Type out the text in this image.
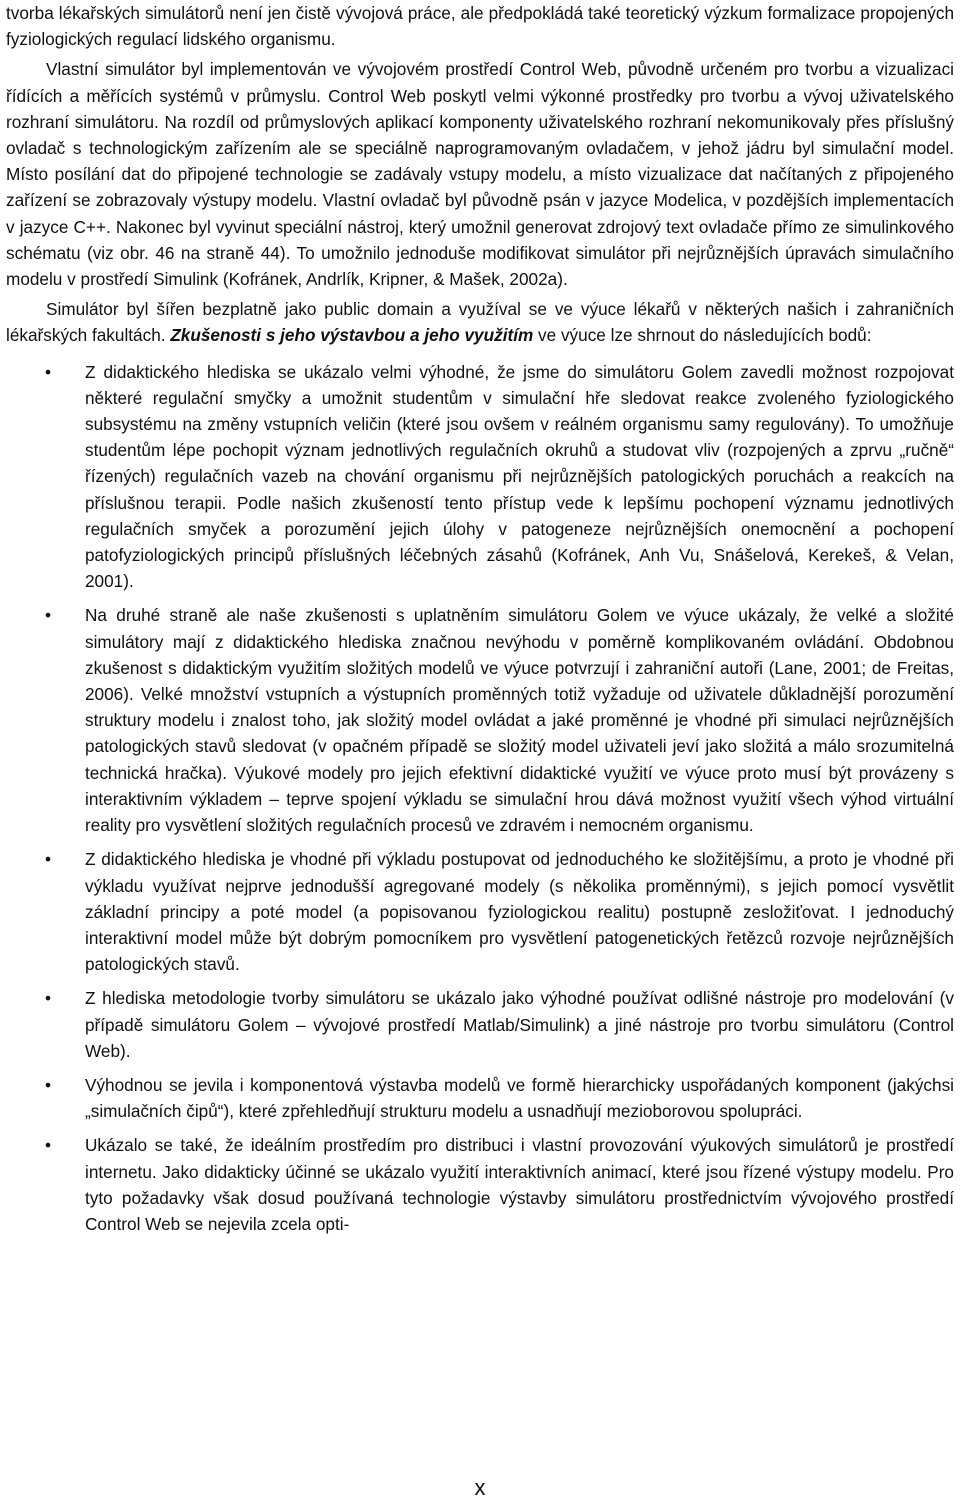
tvorba lékařských simulátorů není jen čistě vývojová práce, ale předpokládá také teoretický výzkum formalizace propojených fyziologických regulací lidského organismu.

Vlastní simulátor byl implementován ve vývojovém prostředí Control Web, původně určeném pro tvorbu a vizualizaci řídících a měřících systémů v průmyslu. Control Web poskytl velmi výkonné prostředky pro tvorbu a vývoj uživatelského rozhraní simulátoru. Na rozdíl od průmyslových aplikací komponenty uživatelského rozhraní nekomunikovaly přes příslušný ovladač s technologickým zařízením ale se speciálně naprogramovaným ovladačem, v jehož jádru byl simulační model. Místo posílání dat do připojené technologie se zadávaly vstupy modelu, a místo vizualizace dat načítaných z připojeného zařízení se zobrazovaly výstupy modelu. Vlastní ovladač byl původně psán v jazyce Modelica, v pozdějších implementacích v jazyce C++. Nakonec byl vyvinut speciální nástroj, který umožnil generovat zdrojový text ovladače přímo ze simulinkového schématu (viz obr. 46 na straně 44). To umožnilo jednoduše modifikovat simulátor při nejrůznějších úpravách simulačního modelu v prostředí Simulink (Kofránek, Andrlík, Kripner, & Mašek, 2002a).

Simulátor byl šířen bezplatně jako public domain a využíval se ve výuce lékařů v některých našich i zahraničních lékařských fakultách. Zkušenosti s jeho výstavbou a jeho využitím ve výuce lze shrnout do následujících bodů:

• Z didaktického hlediska se ukázalo velmi výhodné, že jsme do simulátoru Golem zavedli možnost rozpojovat některé regulační smyčky a umožnit studentům v simulační hře sledovat reakce zvoleného fyziologického subsystému na změny vstupních veličin (které jsou ovšem v reálném organismu samy regulovány). To umožňuje studentům lépe pochopit význam jednotlivých regulačních okruhů a studovat vliv (rozpojených a zprvu „ručně“ řízených) regulačních vazeb na chování organismu při nejrůznějších patologických poruchách a reakcích na příslušnou terapii. Podle našich zkušeností tento přístup vede k lepšímu pochopení významu jednotlivých regulačních smyček a porozumění jejich úlohy v patogeneze nejrůznějších onemocnění a pochopení patofyziologických principů příslušných léčebných zásahů (Kofránek, Anh Vu, Snášelová, Kerekeš, & Velan, 2001).
• Na druhé straně ale naše zkušenosti s uplatněním simulátoru Golem ve výuce ukázaly, že velké a složité simulátory mají z didaktického hlediska značnou nevýhodu v poměrně komplikovaném ovládání. Obdobnou zkušenost s didaktickým využitím složitých modelů ve výuce potvrzují i zahraniční autoři (Lane, 2001; de Freitas, 2006). Velké množství vstupních a výstupních proměnných totiž vyžaduje od uživatele důkladnější porozumění struktury modelu i znalost toho, jak složitý model ovládat a jaké proměnné je vhodné při simulaci nejrůznějších patologických stavů sledovat (v opačném případě se složitý model uživateli jeví jako složitá a málo srozumitelná technická hračka). Výukové modely pro jejich efektivní didaktické využití ve výuce proto musí být provázeny s interaktivním výkladem – teprve spojení výkladu se simulační hrou dává možnost využití všech výhod virtuální reality pro vysvětlení složitých regulačních procesů ve zdravém i nemocném organismu.
• Z didaktického hlediska je vhodné při výkladu postupovat od jednoduchého ke složitějšímu, a proto je vhodné při výkladu využívat nejprve jednodušší agregované modely (s několika proměnnými), s jejich pomocí vysvětlit základní principy a poté model (a popisovanou fyziologickou realitu) postupně zesložiťovat. I jednoduchý interaktivní model může být dobrým pomocníkem pro vysvětlení patogenetických řetězců rozvoje nejrůznějších patologických stavů.
• Z hlediska metodologie tvorby simulátoru se ukázalo jako výhodné používat odlišné nástroje pro modelování (v případě simulátoru Golem – vývojové prostředí Matlab/Simulink) a jiné nástroje pro tvorbu simulátoru (Control Web).
• Výhodnou se jevila i komponentová výstavba modelů ve formě hierarchicky uspořádaných komponent (jakýchsi „simulačních čipů“), které zpřehledňují strukturu modelu a usnadňují mezioborovou spolupráci.
• Ukázalo se také, že ideálním prostředím pro distribuci i vlastní provozování výukových simulátorů je prostředí internetu. Jako didakticky účinné se ukázalo využití interaktivních animací, které jsou řízené výstupy modelu. Pro tyto požadavky však dosud používaná technologie výstavby simulátoru prostřednictvím vývojového prostředí Control Web se nejevila zcela opti-
x
